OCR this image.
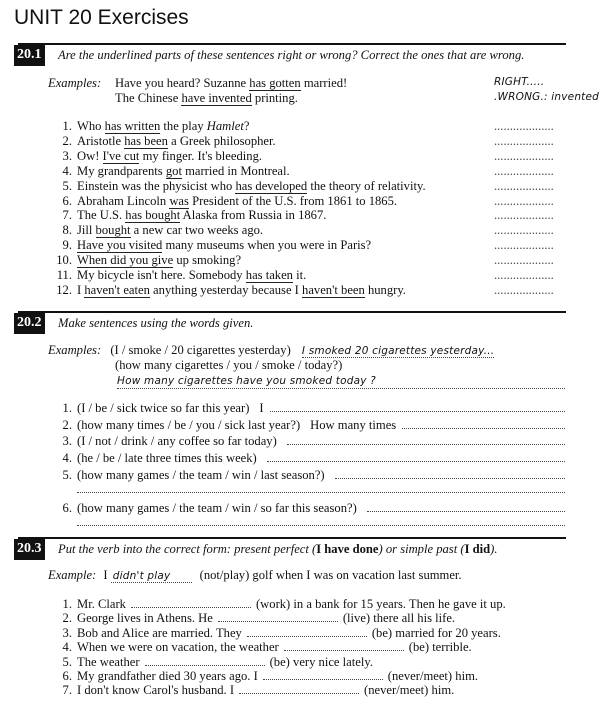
UNIT 20 Exercises
20.1 Are the underlined parts of these sentences right or wrong? Correct the ones that are wrong.
Examples: Have you heard? Suzanne has gotten married!	RIGHT.....
The Chinese have invented printing.	.WRONG.: invented
1. Who has written the play Hamlet?	...................
2. Aristotle has been a Greek philosopher.	...................
3. Ow! I've cut my finger. It's bleeding.	...................
4. My grandparents got married in Montreal.	...................
5. Einstein was the physicist who has developed the theory of relativity.	...................
6. Abraham Lincoln was President of the U.S. from 1861 to 1865.	...................
7. The U.S. has bought Alaska from Russia in 1867.	...................
8. Jill bought a new car two weeks ago.	...................
9. Have you visited many museums when you were in Paris?	...................
10. When did you give up smoking?	...................
11. My bicycle isn't here. Somebody has taken it.	...................
12. I haven't eaten anything yesterday because I haven't been hungry.	...................
20.2 Make sentences using the words given.
Examples: (I / smoke / 20 cigarettes yesterday) I smoked 20 cigarettes yesterday...
(how many cigarettes / you / smoke / today?)
How many cigarettes have you smoked today ?
1. (I / be / sick twice so far this year) I
2. (how many times / be / you / sick last year?) How many times
3. (I / not / drink / any coffee so far today)
4. (he / be / late three times this week)
5. (how many games / the team / win / last season?)
6. (how many games / the team / win / so far this season?)
20.3 Put the verb into the correct form: present perfect (I have done) or simple past (I did).
Example: I didn't play (not/play) golf when I was on vacation last summer.
1. Mr. Clark	(work) in a bank for 15 years. Then he gave it up.
2. George lives in Athens. He	(live) there all his life.
3. Bob and Alice are married. They	(be) married for 20 years.
4. When we were on vacation, the weather	(be) terrible.
5. The weather	(be) very nice lately.
6. My grandfather died 30 years ago. I	(never/meet) him.
7. I don't know Carol's husband. I	(never/meet) him.
